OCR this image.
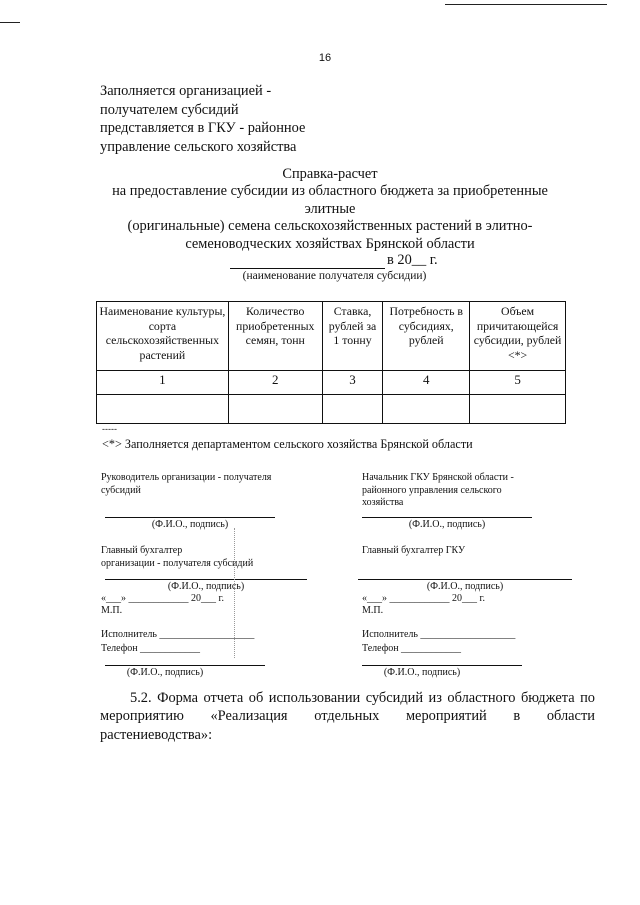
16
Заполняется организацией -
получателем субсидий
представляется в ГКУ - районное
управление сельского хозяйства
Справка-расчет
на предоставление субсидии из областного бюджета за приобретенные
элитные
(оригинальные) семена сельскохозяйственных растений в элитно-
семеноводческих хозяйствах Брянской области
в 20__ г.
(наименование получателя субсидии)
Наименование культуры, сорта сельскохозяйственных растений	Количество приобретенных семян, тонн	Ставка, рублей за 1 тонну	Потребность в субсидиях, рублей	Объем причитающейся субсидии, рублей <*>
1	2	3	4	5

-----
<*> Заполняется департаментом сельского хозяйства Брянской области
Руководитель организации - получателя
субсидий
(Ф.И.О., подпись)
Главный бухгалтер
организации - получателя субсидий
(Ф.И.О., подпись)
«___» ____________ 20___ г.
М.П.
Исполнитель ___________________
Телефон ____________
(Ф.И.О., подпись)
Начальник ГКУ Брянской области -
районного управления сельского
хозяйства
(Ф.И.О., подпись)
Главный бухгалтер ГКУ
(Ф.И.О., подпись)
«___» ____________ 20___ г.
М.П.
Исполнитель ___________________
Телефон ____________
(Ф.И.О., подпись)
5.2. Форма отчета об использовании субсидий из областного бюджета по
мероприятию «Реализация отдельных мероприятий в области
растениеводства»:
